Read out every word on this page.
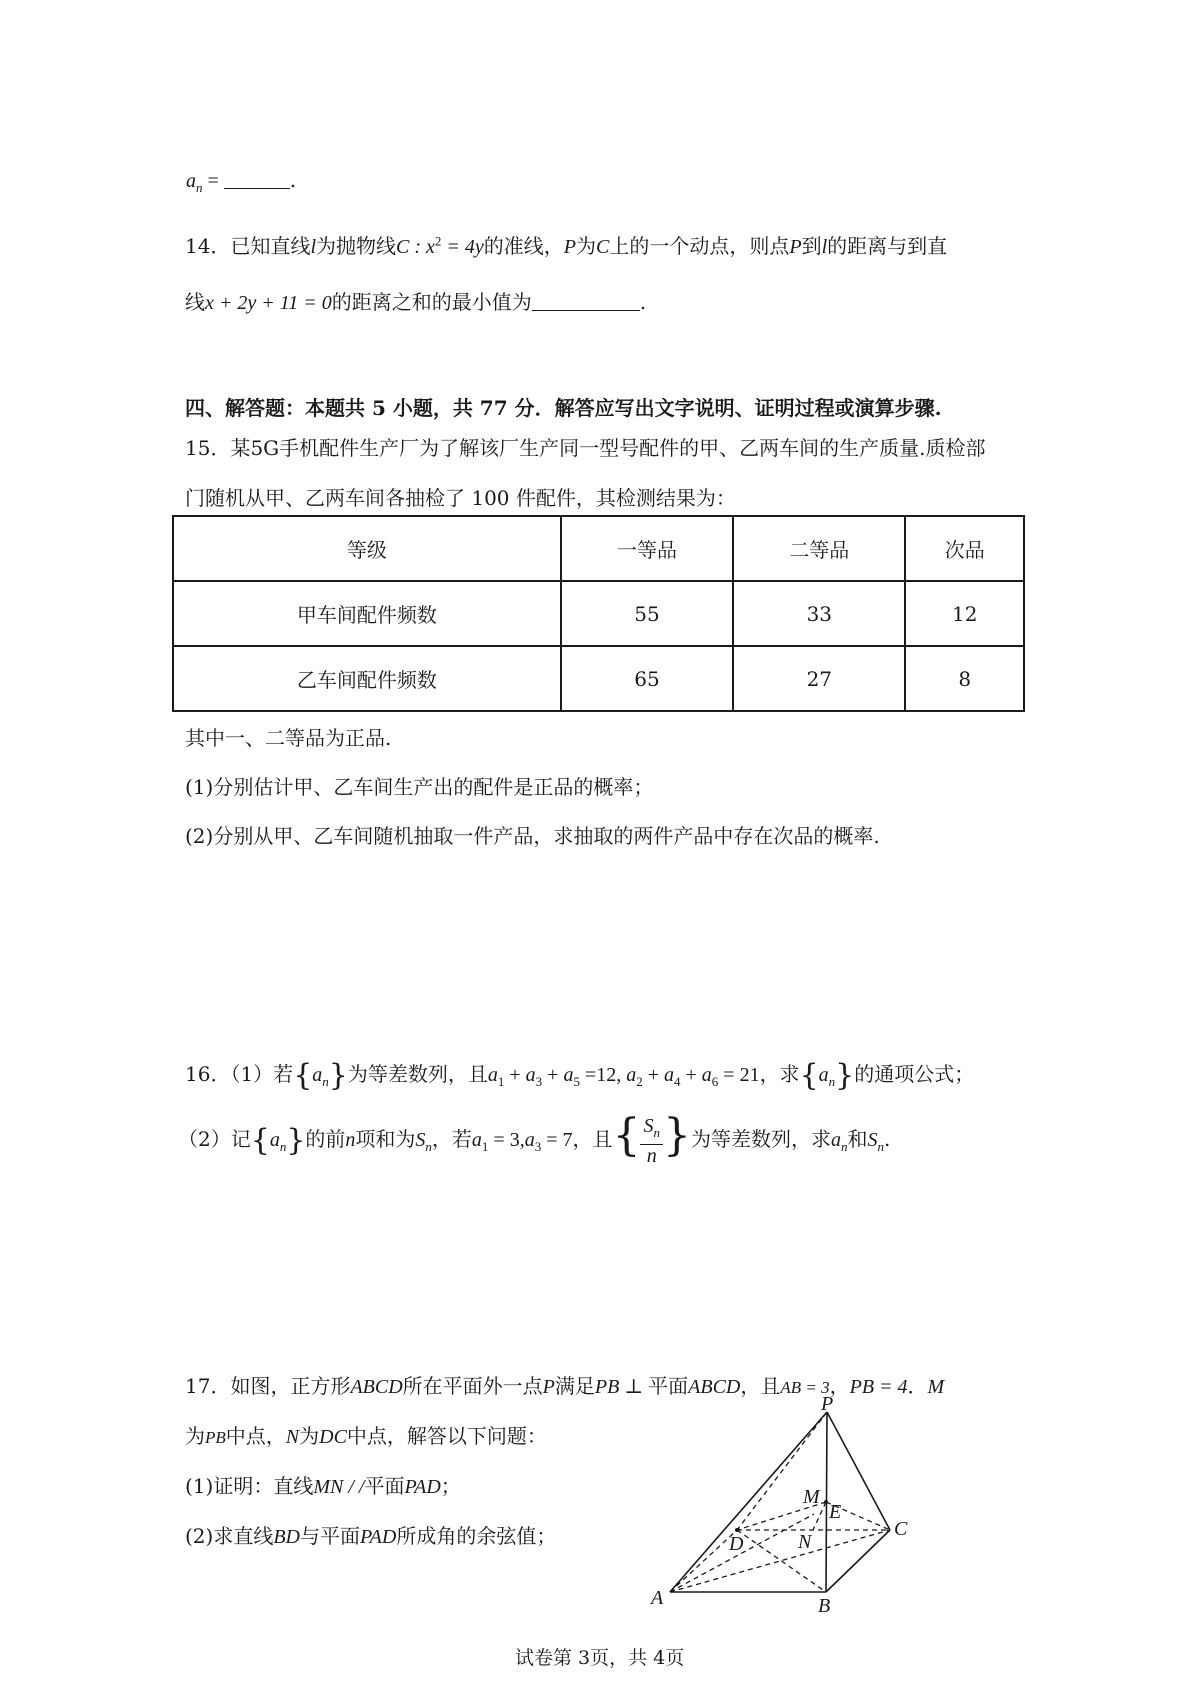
$a_n$ =	.
14．已知直线l为抛物线C : $x^2 = 4y$的准线，P为C上的一个动点，则点P到l的距离与到直
线x + 2y + 11 = 0的距离之和的最小值为	.
四、解答题：本题共 5 小题，共 77 分．解答应写出文字说明、证明过程或演算步骤.
15．某5G手机配件生产厂为了解该厂生产同一型号配件的甲、乙两车间的生产质量.质检部
门随机从甲、乙两车间各抽检了 100 件配件，其检测结果为：
等级	一等品	二等品	次品
甲车间配件频数	55	33	12
乙车间配件频数	65	27	8
其中一、二等品为正品.
(1)分别估计甲、乙车间生产出的配件是正品的概率；
(2)分别从甲、乙车间随机抽取一件产品，求抽取的两件产品中存在次品的概率.
16．（1）若$\{a_n\}$为等差数列，且$a_1 + a_3 + a_5 =12$, $a_2 + a_4 + a_6 = 21$，求$\{a_n\}$的通项公式；
（2）记$\{a_n\}$的前n项和为$S_n$，若$a_1 = 3,a_3 = 7$，且{ $\frac{S_n}{n}$ }为等差数列，求$a_n$和$S_n$.
17．如图，正方形ABCD所在平面外一点P满足PB ⊥ 平面ABCD，且AB = 3，PB = 4．M
为PB中点，N为DC中点，解答以下问题：
(1)证明：直线MN / /平面PAD；
(2)求直线BD与平面PAD所成角的余弦值；
P
M
E
C
D	N
A	B
试卷第 3页，共 4页
